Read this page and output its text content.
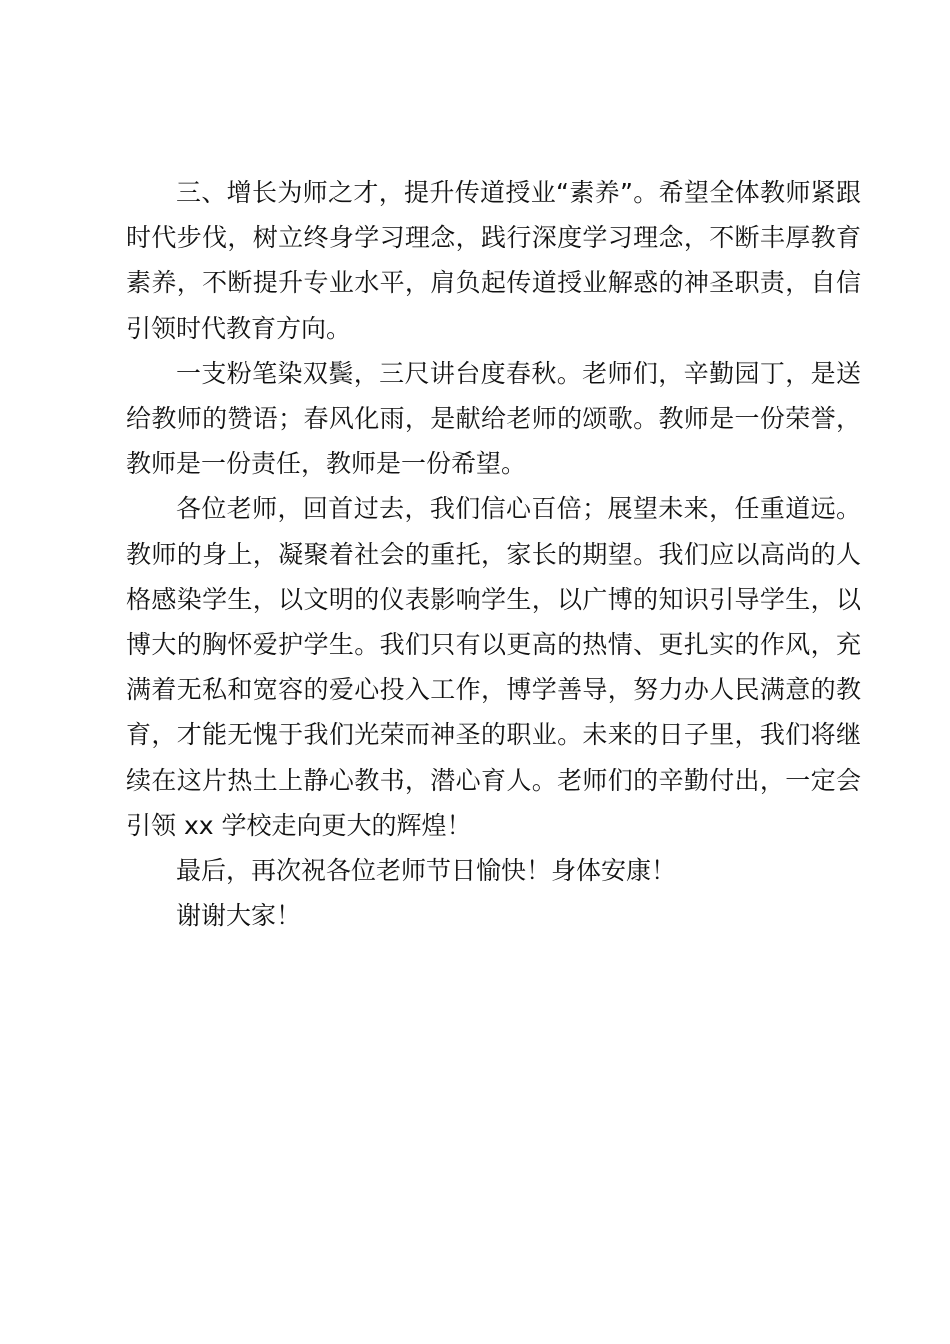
三、增长为师之才，提升传道授业“素养”。希望全体教师紧跟时代步伐，树立终身学习理念，践行深度学习理念，不断丰厚教育素养，不断提升专业水平，肩负起传道授业解惑的神圣职责，自信引领时代教育方向。

一支粉笔染双鬓，三尺讲台度春秋。老师们，辛勤园丁，是送给教师的赞语；春风化雨，是献给老师的颂歌。教师是一份荣誉，教师是一份责任，教师是一份希望。

各位老师，回首过去，我们信心百倍；展望未来，任重道远。教师的身上，凝聚着社会的重托，家长的期望。我们应以高尚的人格感染学生，以文明的仪表影响学生，以广博的知识引导学生，以博大的胸怀爱护学生。我们只有以更高的热情、更扎实的作风，充满着无私和宽容的爱心投入工作，博学善导，努力办人民满意的教育，才能无愧于我们光荣而神圣的职业。未来的日子里，我们将继续在这片热土上静心教书，潜心育人。老师们的辛勤付出，一定会引领 xx 学校走向更大的辉煌！

最后，再次祝各位老师节日愉快！身体安康！

谢谢大家！
